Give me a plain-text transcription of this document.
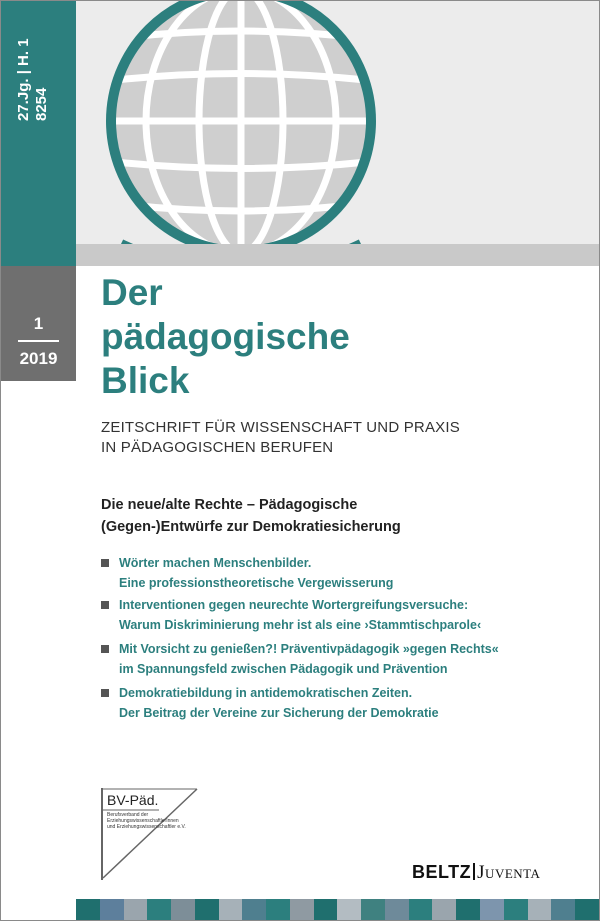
27.Jg. | H. 1 8254
1
2019
Der
pädagogische
Blick
ZEITSCHRIFT FÜR WISSENSCHAFT UND PRAXIS
IN PÄDAGOGISCHEN BERUFEN
Die neue/alte Rechte – Pädagogische
(Gegen-)Entwürfe zur Demokratiesicherung
Wörter machen Menschenbilder.
Eine professionstheoretische Vergewisserung
Interventionen gegen neurechte Wortergreifungsversuche:
Warum Diskriminierung mehr ist als eine ›Stammtischparole‹
Mit Vorsicht zu genießen?! Präventivpädagogik »gegen Rechts«
im Spannungsfeld zwischen Pädagogik und Prävention
Demokratiebildung in antidemokratischen Zeiten.
Der Beitrag der Vereine zur Sicherung der Demokratie
BV-Päd.
Berufsverband der
ErziehungswissenschaftlerInnen
und Erziehungswissenschaftler e.V.
BELTZ Juventa
